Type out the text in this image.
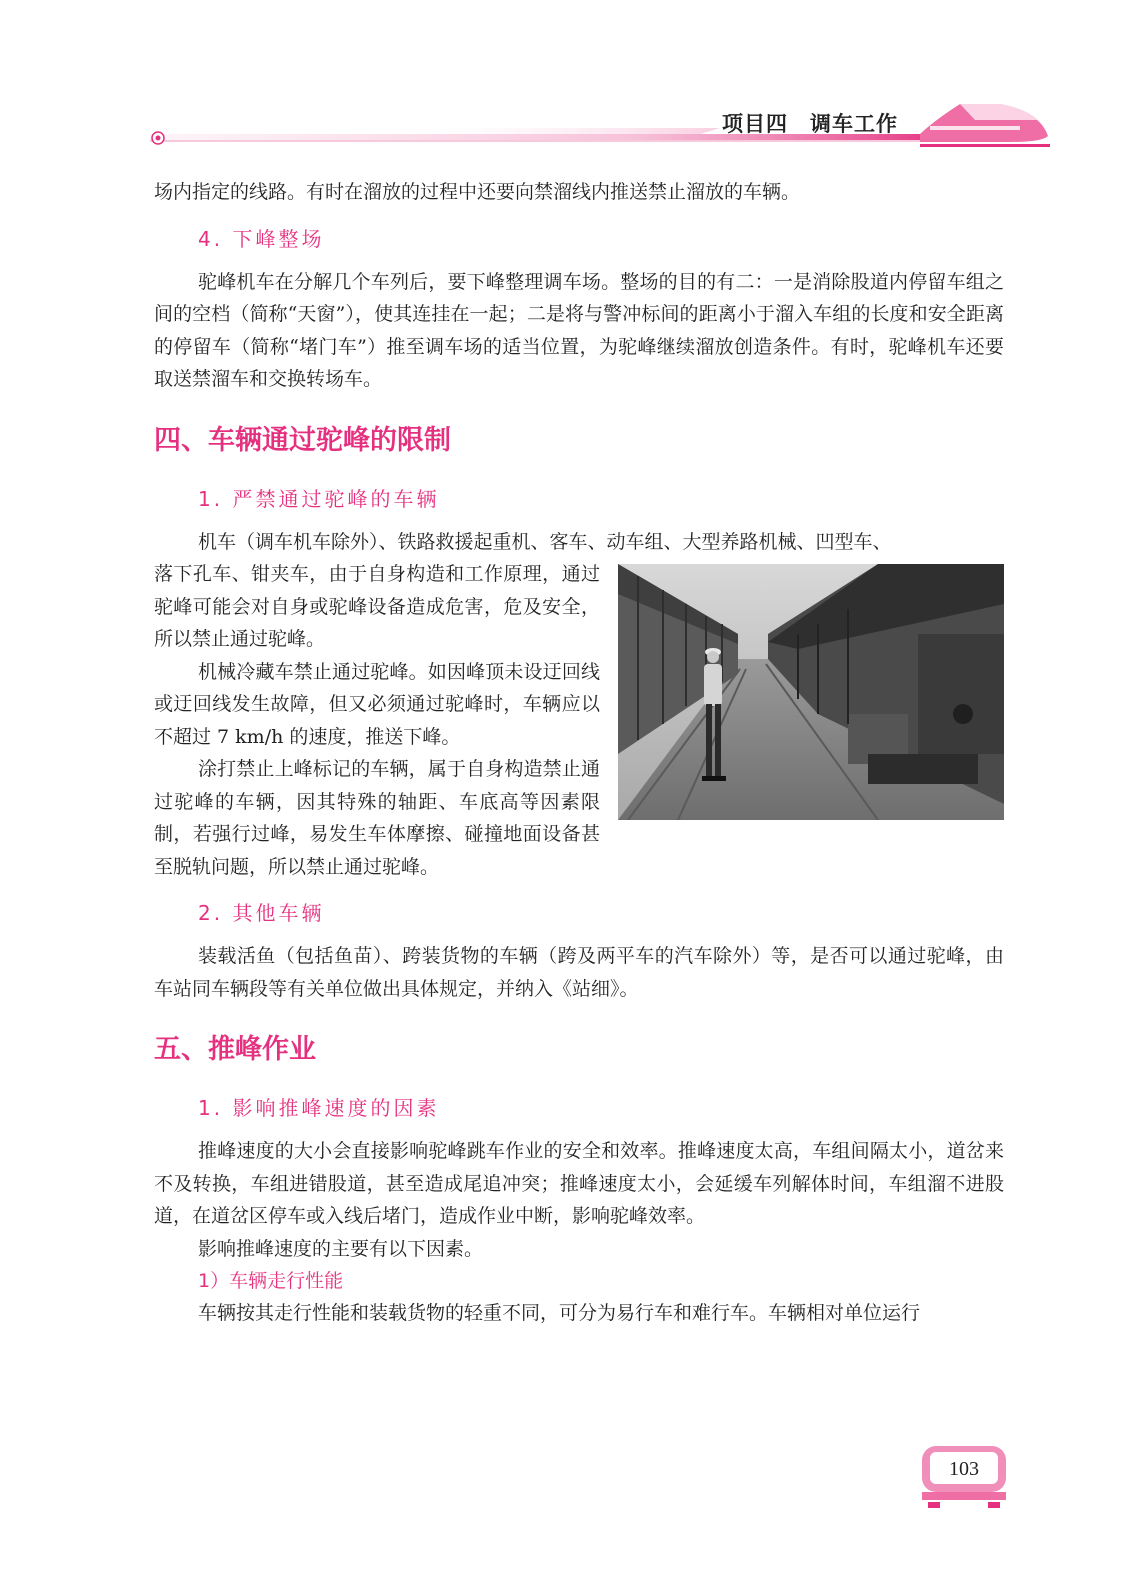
项目四　调车工作

场内指定的线路。有时在溜放的过程中还要向禁溜线内推送禁止溜放的车辆。

4. 下峰整场

驼峰机车在分解几个车列后，要下峰整理调车场。整场的目的有二：一是消除股道内停留车组之间的空档（简称“天窗”），使其连挂在一起；二是将与警冲标间的距离小于溜入车组的长度和安全距离的停留车（简称“堵门车”）推至调车场的适当位置，为驼峰继续溜放创造条件。有时，驼峰机车还要取送禁溜车和交换转场车。

四、车辆通过驼峰的限制
1. 严禁通过驼峰的车辆

机车（调车机车除外）、铁路救援起重机、客车、动车组、大型养路机械、凹型车、

落下孔车、钳夹车，由于自身构造和工作原理，通过驼峰可能会对自身或驼峰设备造成危害，危及安全，所以禁止通过驼峰。

机械冷藏车禁止通过驼峰。如因峰顶未设迂回线或迂回线发生故障，但又必须通过驼峰时，车辆应以不超过 7 km/h 的速度，推送下峰。

涂打禁止上峰标记的车辆，属于自身构造禁止通过驼峰的车辆，因其特殊的轴距、车底高等因素限制，若强行过峰，易发生车体摩擦、碰撞地面设备甚至脱轨问题，所以禁止通过驼峰。

2. 其他车辆

装载活鱼（包括鱼苗）、跨装货物的车辆（跨及两平车的汽车除外）等，是否可以通过驼峰，由车站同车辆段等有关单位做出具体规定，并纳入《站细》。

五、推峰作业
1. 影响推峰速度的因素

推峰速度的大小会直接影响驼峰跳车作业的安全和效率。推峰速度太高，车组间隔太小，道岔来不及转换，车组进错股道，甚至造成尾追冲突；推峰速度太小，会延缓车列解体时间，车组溜不进股道，在道岔区停车或入线后堵门，造成作业中断，影响驼峰效率。

影响推峰速度的主要有以下因素。

1）车辆走行性能

车辆按其走行性能和装载货物的轻重不同，可分为易行车和难行车。车辆相对单位运行

103
